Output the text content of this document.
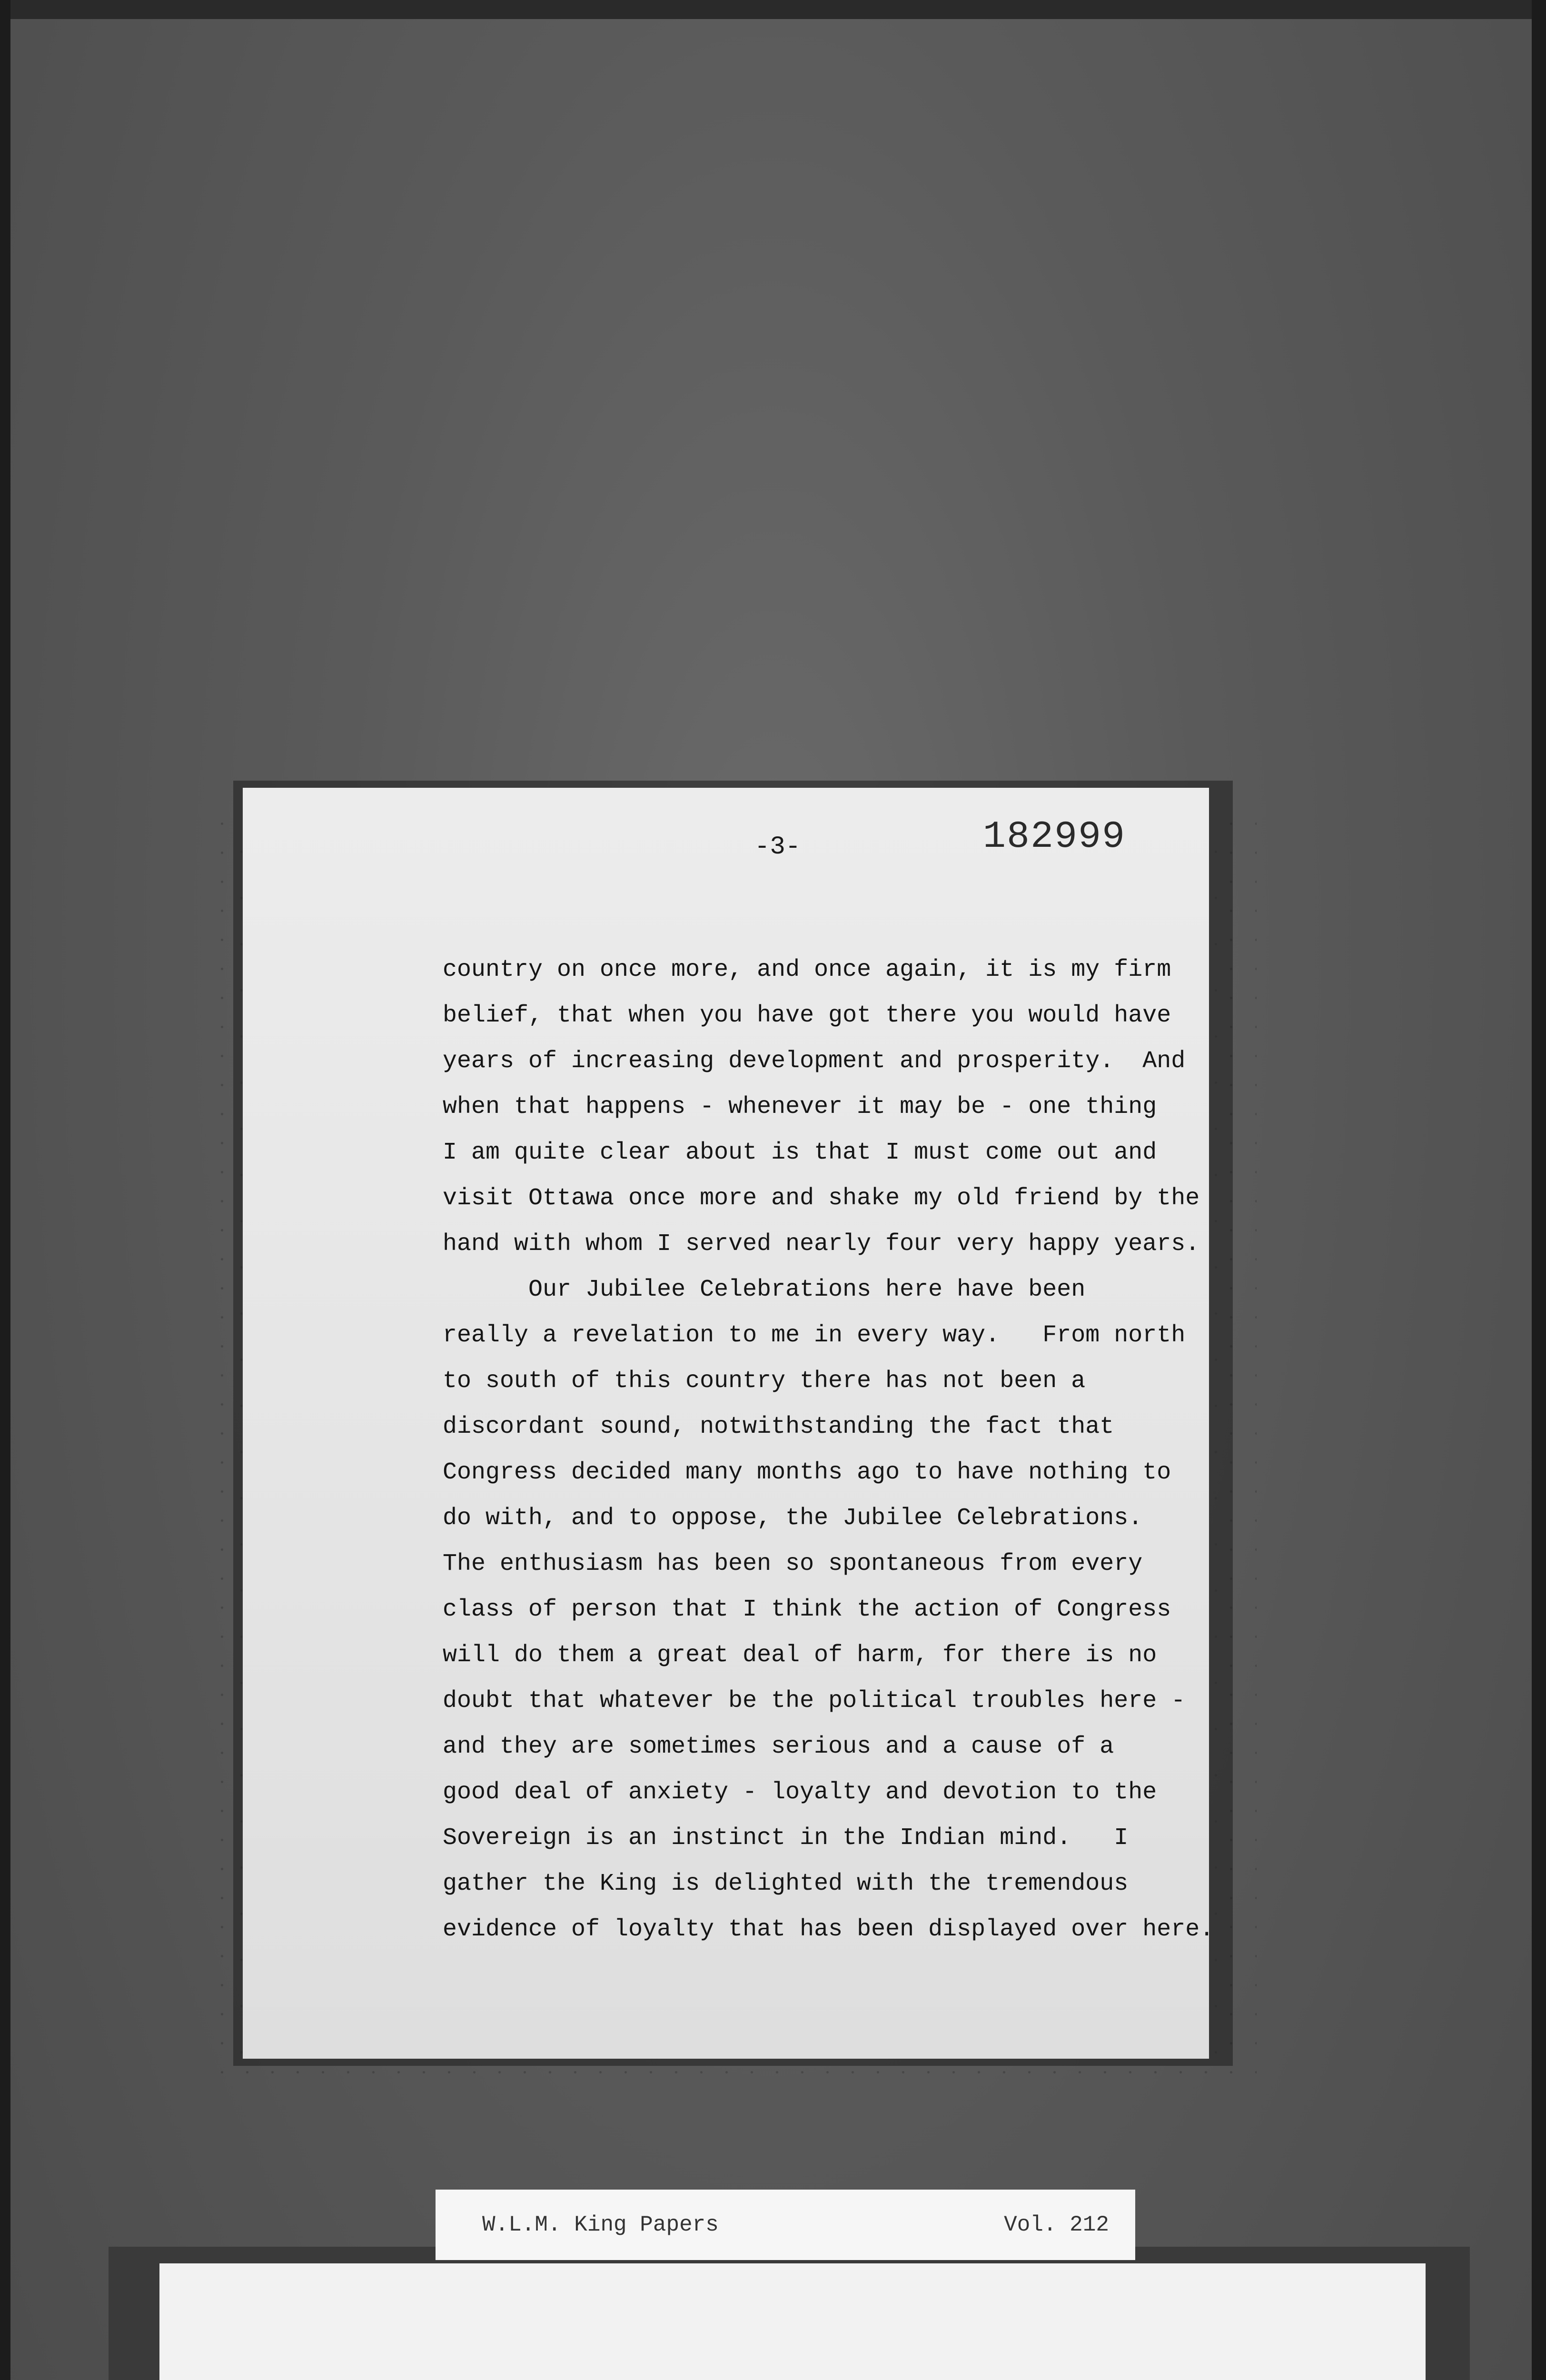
-3-	182999
country on once more, and once again, it is my firm
belief, that when you have got there you would have
years of increasing development and prosperity.  And
when that happens - whenever it may be - one thing
I am quite clear about is that I must come out and
visit Ottawa once more and shake my old friend by the
hand with whom I served nearly four very happy years.
Our Jubilee Celebrations here have been
really a revelation to me in every way.   From north
to south of this country there has not been a
discordant sound, notwithstanding the fact that
Congress decided many months ago to have nothing to
do with, and to oppose, the Jubilee Celebrations.
The enthusiasm has been so spontaneous from every
class of person that I think the action of Congress
will do them a great deal of harm, for there is no
doubt that whatever be the political troubles here -
and they are sometimes serious and a cause of a
good deal of anxiety - loyalty and devotion to the
Sovereign is an instinct in the Indian mind.   I
gather the King is delighted with the tremendous
evidence of loyalty that has been displayed over here.
W.L.M. King Papers	Vol. 212
